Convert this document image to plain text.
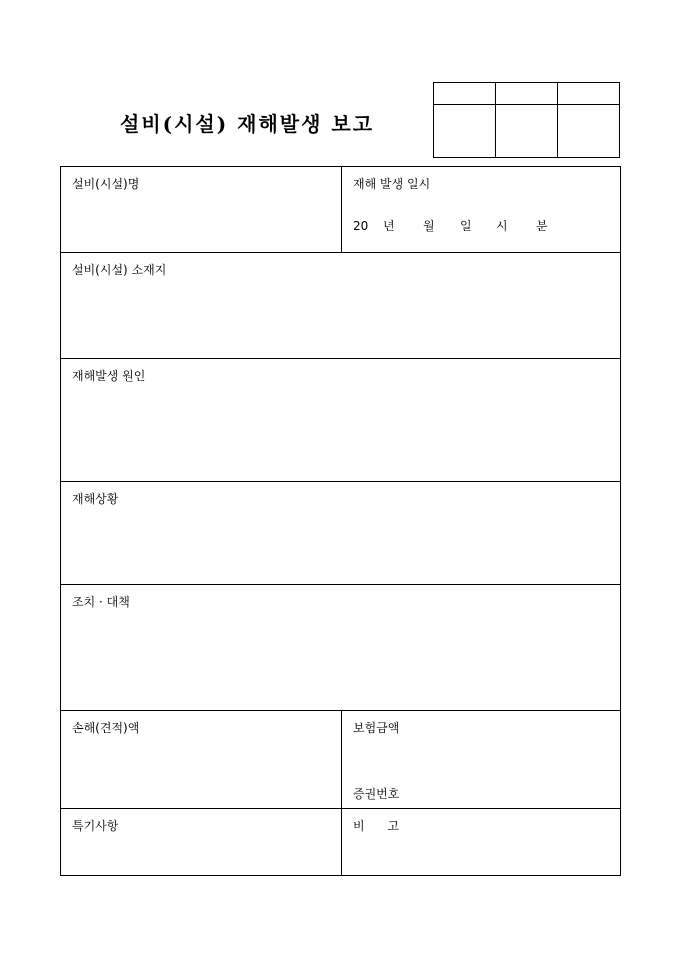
설비(시설) 재해발생 보고
설비(시설)명	재해 발생 일시
20 년 월 일 시 분
설비(시설) 소재지
재해발생 원인
재해상황
조치 · 대책
손해(견적)액	보험금액
증권번호
특기사항	비      고
